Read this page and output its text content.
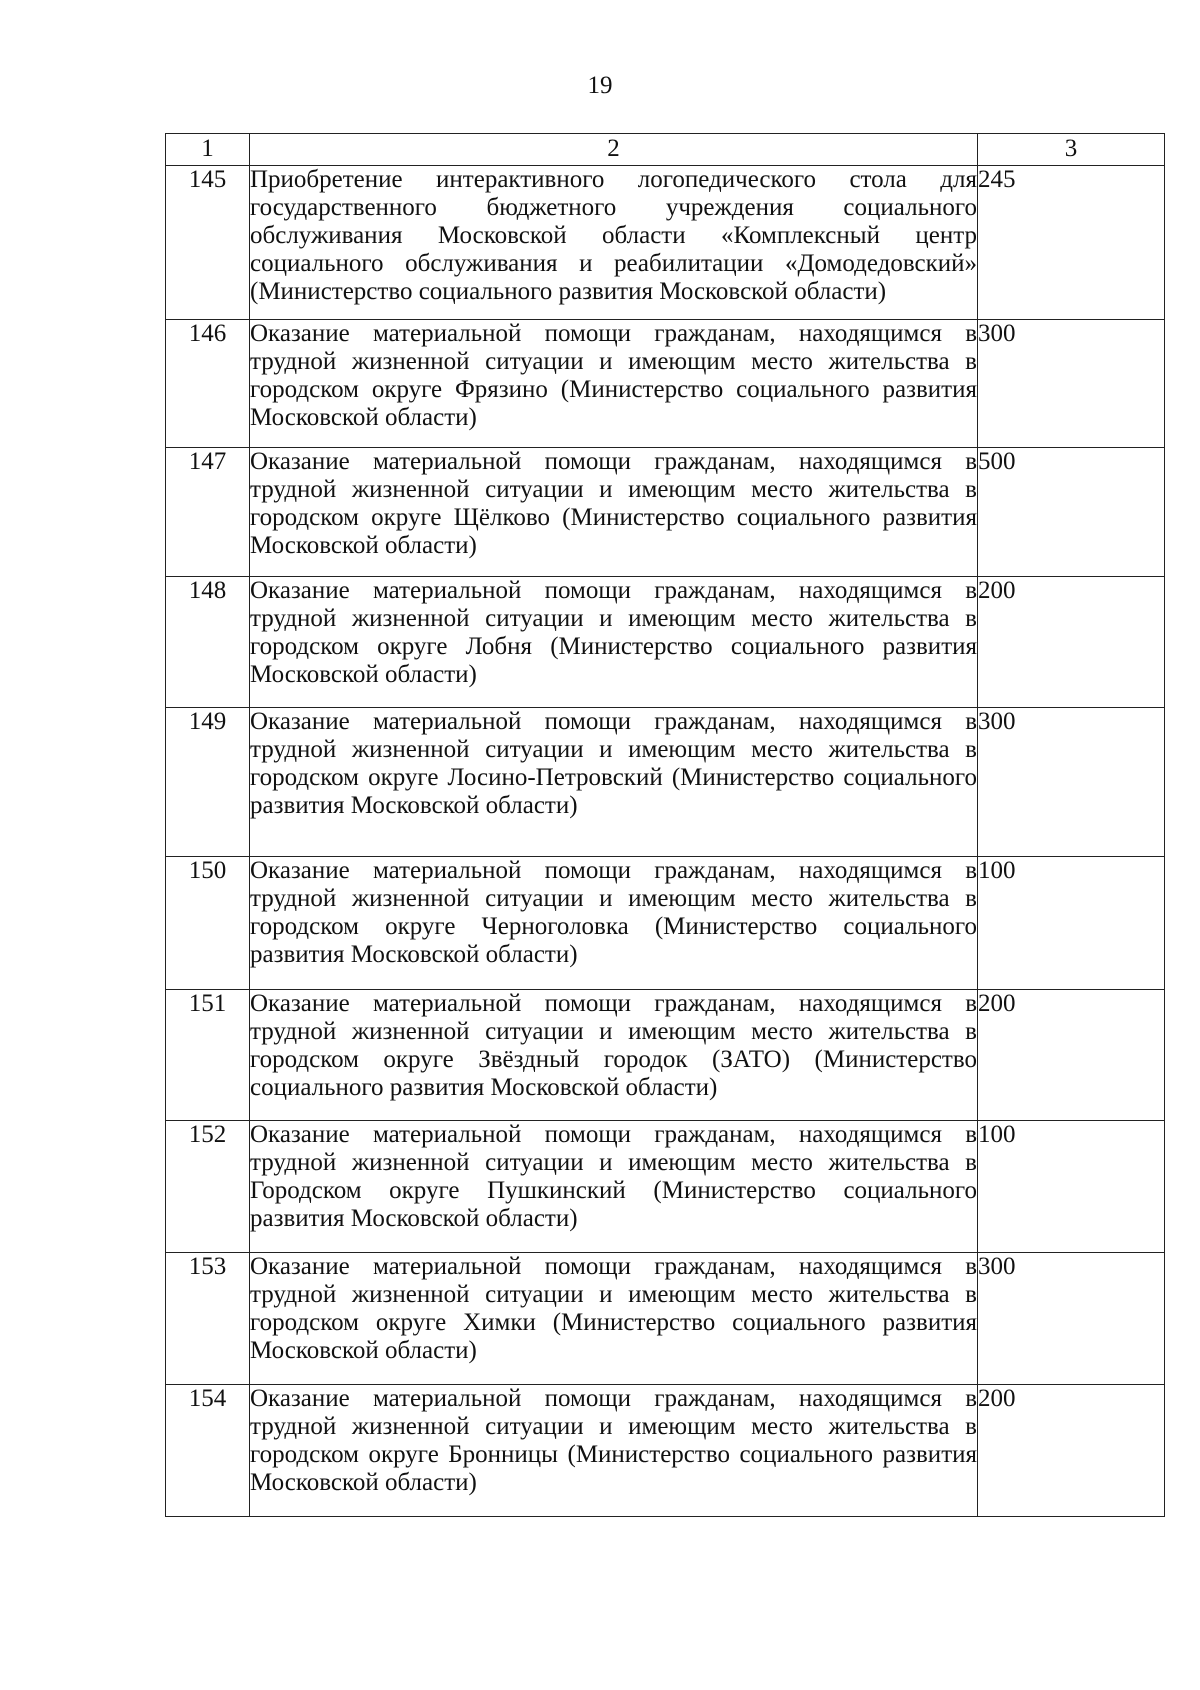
19
1	2	3
145	Приобретение интерактивного логопедического стола для государственного бюджетного учреждения социального обслуживания Московской области «Комплексный центр социального обслуживания и реабилитации «Домодедовский» (Министерство социального развития Московской области)	245
146	Оказание материальной помощи гражданам, находящимся в трудной жизненной ситуации и имеющим место жительства в городском округе Фрязино (Министерство социального развития Московской области)	300
147	Оказание материальной помощи гражданам, находящимся в трудной жизненной ситуации и имеющим место жительства в городском округе Щёлково (Министерство социального развития Московской области)	500
148	Оказание материальной помощи гражданам, находящимся в трудной жизненной ситуации и имеющим место жительства в городском округе Лобня (Министерство социального развития Московской области)	200
149	Оказание материальной помощи гражданам, находящимся в трудной жизненной ситуации и имеющим место жительства в городском округе Лосино-Петровский (Министерство социального развития Московской области)	300
150	Оказание материальной помощи гражданам, находящимся в трудной жизненной ситуации и имеющим место жительства в городском округе Черноголовка (Министерство социального развития Московской области)	100
151	Оказание материальной помощи гражданам, находящимся в трудной жизненной ситуации и имеющим место жительства в городском округе Звёздный городок (ЗАТО) (Министерство социального развития Московской области)	200
152	Оказание материальной помощи гражданам, находящимся в трудной жизненной ситуации и имеющим место жительства в Городском округе Пушкинский (Министерство социального развития Московской области)	100
153	Оказание материальной помощи гражданам, находящимся в трудной жизненной ситуации и имеющим место жительства в городском округе Химки (Министерство социального развития Московской области)	300
154	Оказание материальной помощи гражданам, находящимся в трудной жизненной ситуации и имеющим место жительства в городском округе Бронницы (Министерство социального развития Московской области)	200
